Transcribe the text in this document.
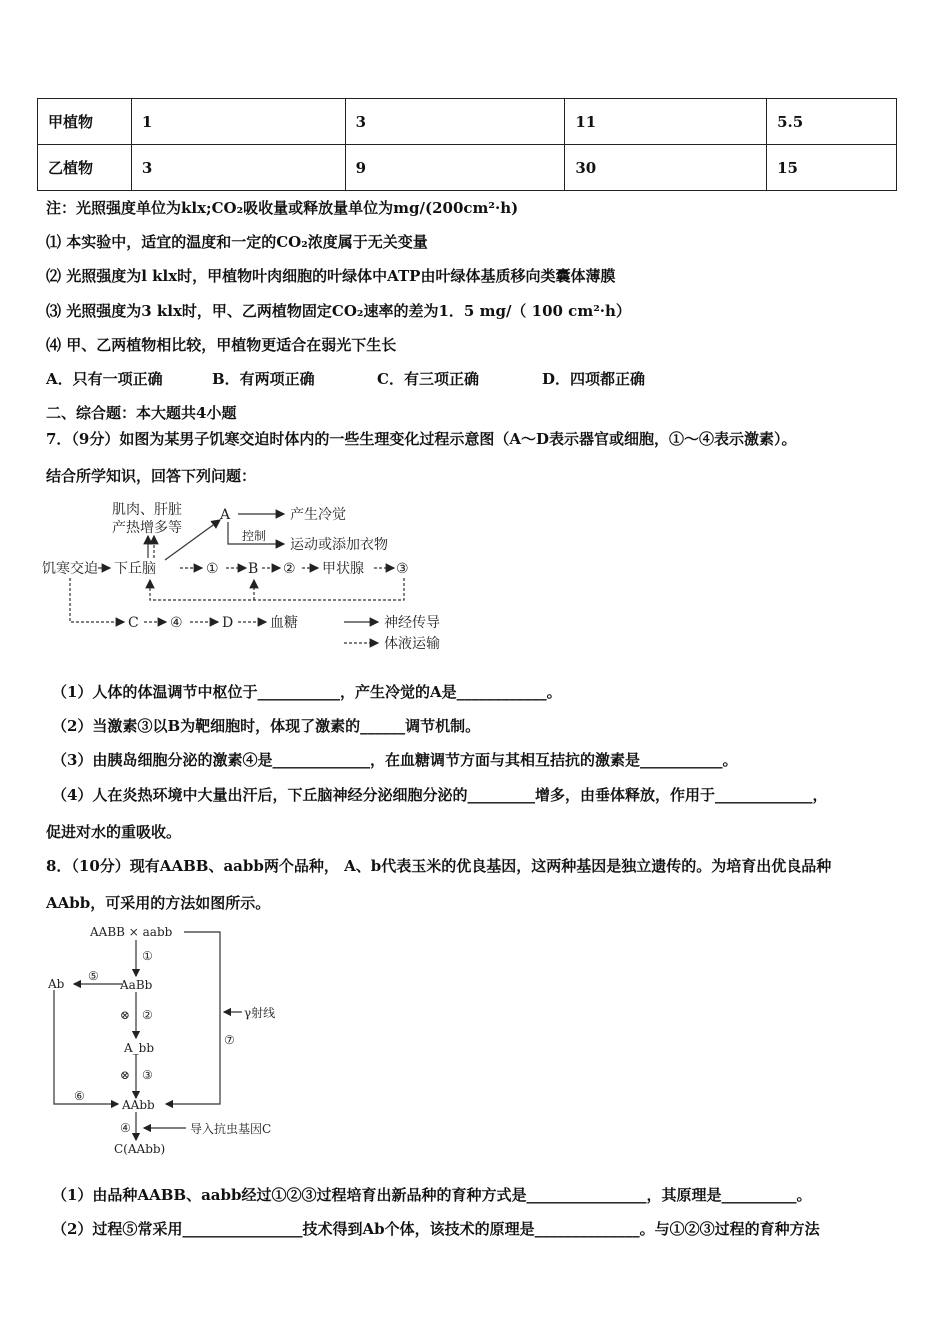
甲植物	1	3	11	5.5
乙植物	3	9	30	15
注：光照强度单位为klx;CO₂吸收量或释放量单位为mg/(200cm²·h)
⑴ 本实验中，适宜的温度和一定的CO₂浓度属于无关变量
⑵ 光照强度为l klx时，甲植物叶肉细胞的叶绿体中ATP由叶绿体基质移向类囊体薄膜
⑶ 光照强度为3 klx时，甲、乙两植物固定CO₂速率的差为1．5 mg/（ 100 cm²·h）
⑷ 甲、乙两植物相比较，甲植物更适合在弱光下生长
A．只有一项正确	B．有两项正确	C．有三项正确	D．四项都正确
二、综合题：本大题共4小题
7．（9分）如图为某男子饥寒交迫时体内的一些生理变化过程示意图（A～D表示器官或细胞，①～④表示激素）。
结合所学知识，回答下列问题：
肌肉、肝脏
产热增多等
A	产生冷觉
控制
运动或添加衣物
饥寒交迫 下丘脑	① B ② 甲状腺 ③
C ④	D	血糖	神经传导
体液运输
（1）人体的体温调节中枢位于___________，产生冷觉的A是____________。
（2）当激素③以B为靶细胞时，体现了激素的______调节机制。
（3）由胰岛细胞分泌的激素④是_____________，在血糖调节方面与其相互拮抗的激素是___________。
（4）人在炎热环境中大量出汗后，下丘脑神经分泌细胞分泌的_________增多，由垂体释放，作用于_____________，
促进对水的重吸收。
8．（10分）现有AABB、aabb两个品种， A、b代表玉米的优良基因，这两种基因是独立遗传的。为培育出优良品种
AAbb，可采用的方法如图所示。
AABB × aabb
①
AaBb
Ab
⑤
⊗ ②	γ射线
A_bb
⑦
⊗ ③
⑥
AAbb
④	导入抗虫基因C
C(AAbb)
（1）由品种AABB、aabb经过①②③过程培育出新品种的育种方式是________________，其原理是__________。
（2）过程⑤常采用________________技术得到Ab个体，该技术的原理是______________。与①②③过程的育种方法
